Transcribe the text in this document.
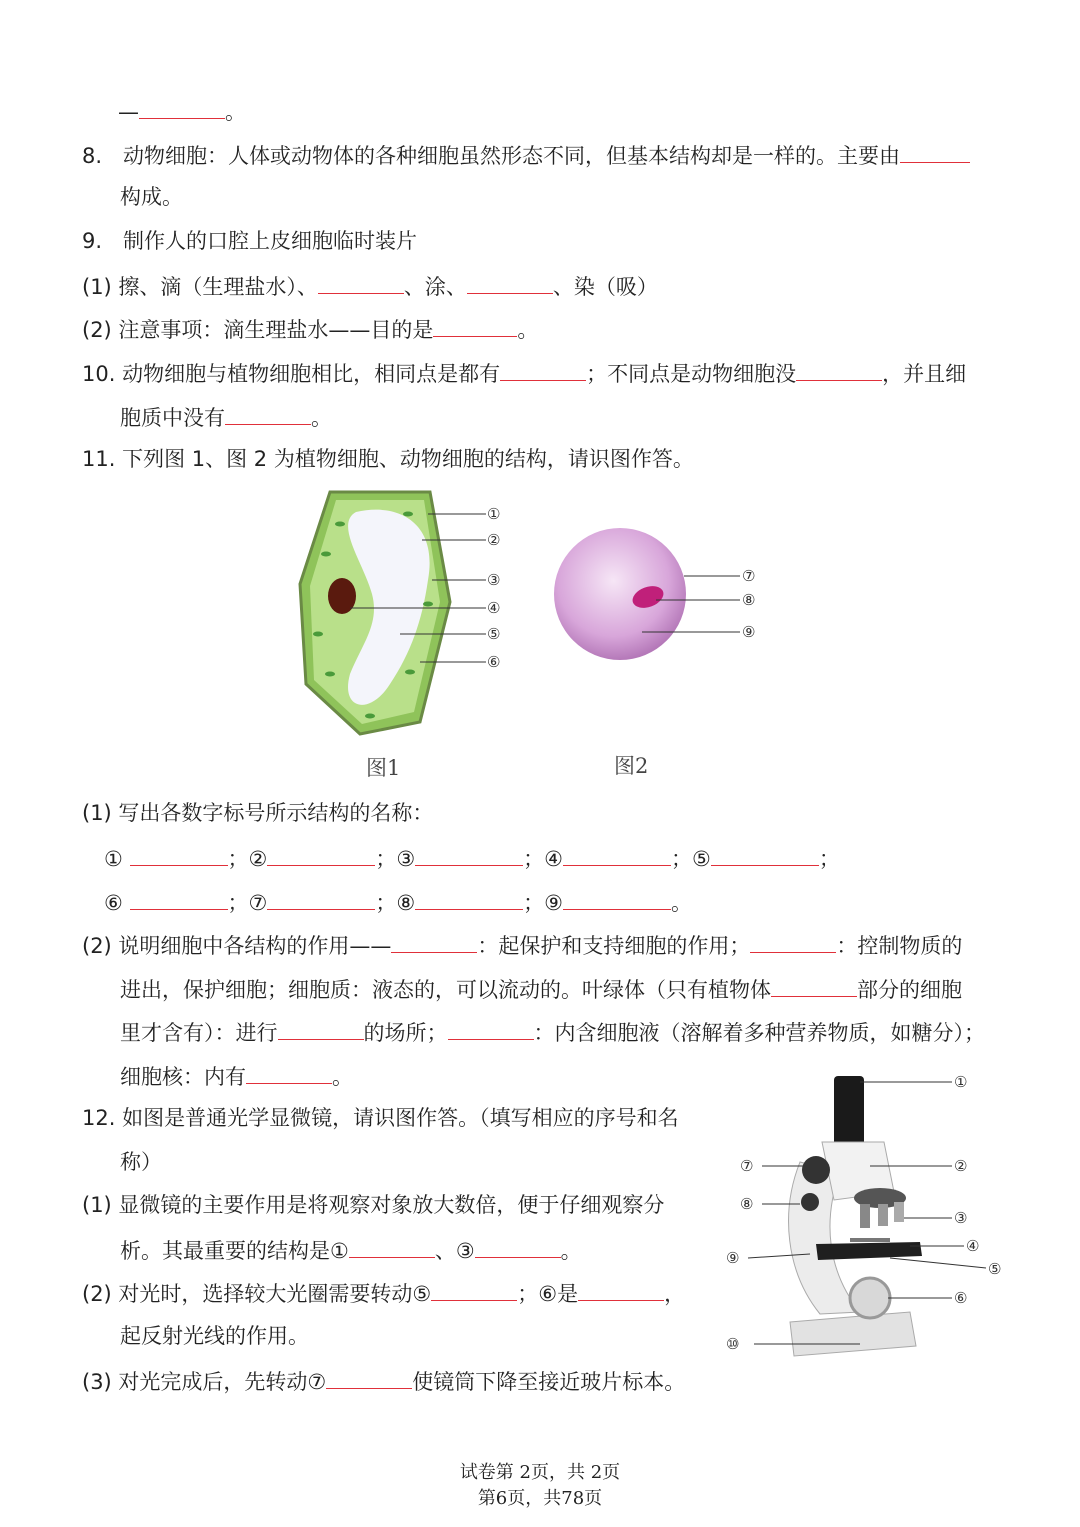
—	。
8.　动物细胞：人体或动物体的各种细胞虽然形态不同，但基本结构却是一样的。主要由
构成。
9.　制作人的口腔上皮细胞临时装片
(1) 擦、滴（生理盐水）、	、涂、	、染（吸）
(2) 注意事项：滴生理盐水——目的是	。
10. 动物细胞与植物细胞相比，相同点是都有	；不同点是动物细胞没	，并且细
胞质中没有	。
11. 下列图 1、图 2 为植物细胞、动物细胞的结构，请识图作答。
①
②
③
④
⑤
⑥
图1
⑦
⑧
⑨
图2
(1) 写出各数字标号所示结构的名称：
①	；②	；③	；④	；⑤	；
⑥	；⑦	；⑧	；⑨	。
(2) 说明细胞中各结构的作用——	：起保护和支持细胞的作用；	：控制物质的
进出，保护细胞；细胞质：液态的，可以流动的。叶绿体（只有植物体	部分的细胞
里才含有）：进行	的场所；	：内含细胞液（溶解着多种营养物质，如糖分）；
细胞核：内有	。
12. 如图是普通光学显微镜，请识图作答。（填写相应的序号和名
称）
(1) 显微镜的主要作用是将观察对象放大数倍，便于仔细观察分
析。其最重要的结构是①	、③	。
(2) 对光时，选择较大光圈需要转动⑤	；⑥是	，
起反射光线的作用。
(3) 对光完成后，先转动⑦	使镜筒下降至接近玻片标本。
①
②
③
④
⑤
⑥
⑦
⑧
⑨
⑩
试卷第 2页，共 2页
第6页，共78页
